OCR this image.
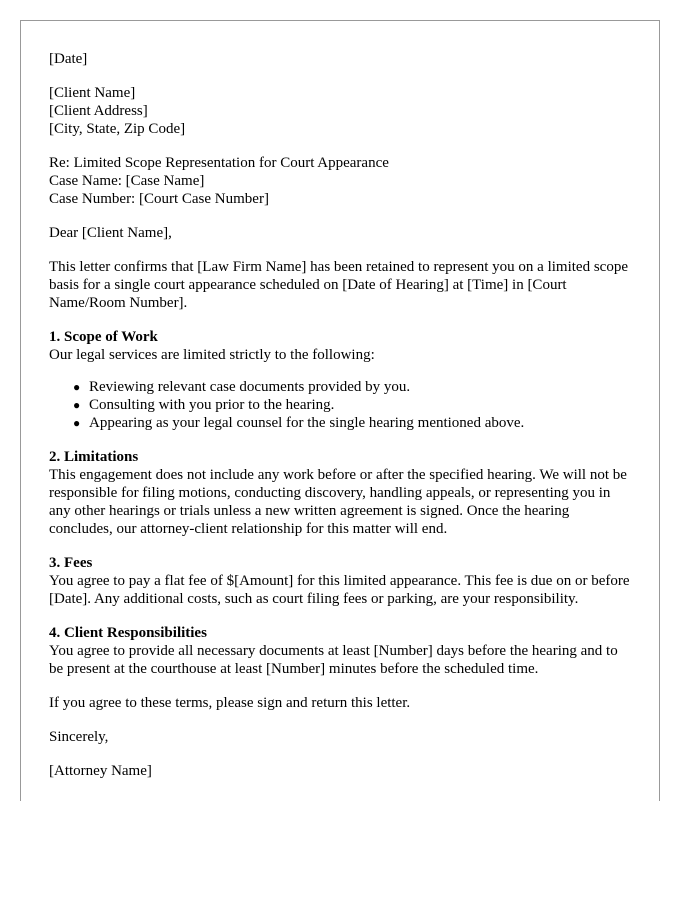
[Date]
[Client Name]
[Client Address]
[City, State, Zip Code]
Re: Limited Scope Representation for Court Appearance
Case Name: [Case Name]
Case Number: [Court Case Number]
Dear [Client Name],
This letter confirms that [Law Firm Name] has been retained to represent you on a limited scope basis for a single court appearance scheduled on [Date of Hearing] at [Time] in [Court Name/Room Number].
1. Scope of Work
Our legal services are limited strictly to the following:
● Reviewing relevant case documents provided by you.
● Consulting with you prior to the hearing.
● Appearing as your legal counsel for the single hearing mentioned above.
2. Limitations
This engagement does not include any work before or after the specified hearing. We will not be responsible for filing motions, conducting discovery, handling appeals, or representing you in any other hearings or trials unless a new written agreement is signed. Once the hearing concludes, our attorney-client relationship for this matter will end.
3. Fees
You agree to pay a flat fee of $[Amount] for this limited appearance. This fee is due on or before [Date]. Any additional costs, such as court filing fees or parking, are your responsibility.
4. Client Responsibilities
You agree to provide all necessary documents at least [Number] days before the hearing and to be present at the courthouse at least [Number] minutes before the scheduled time.
If you agree to these terms, please sign and return this letter.
Sincerely,
[Attorney Name]
